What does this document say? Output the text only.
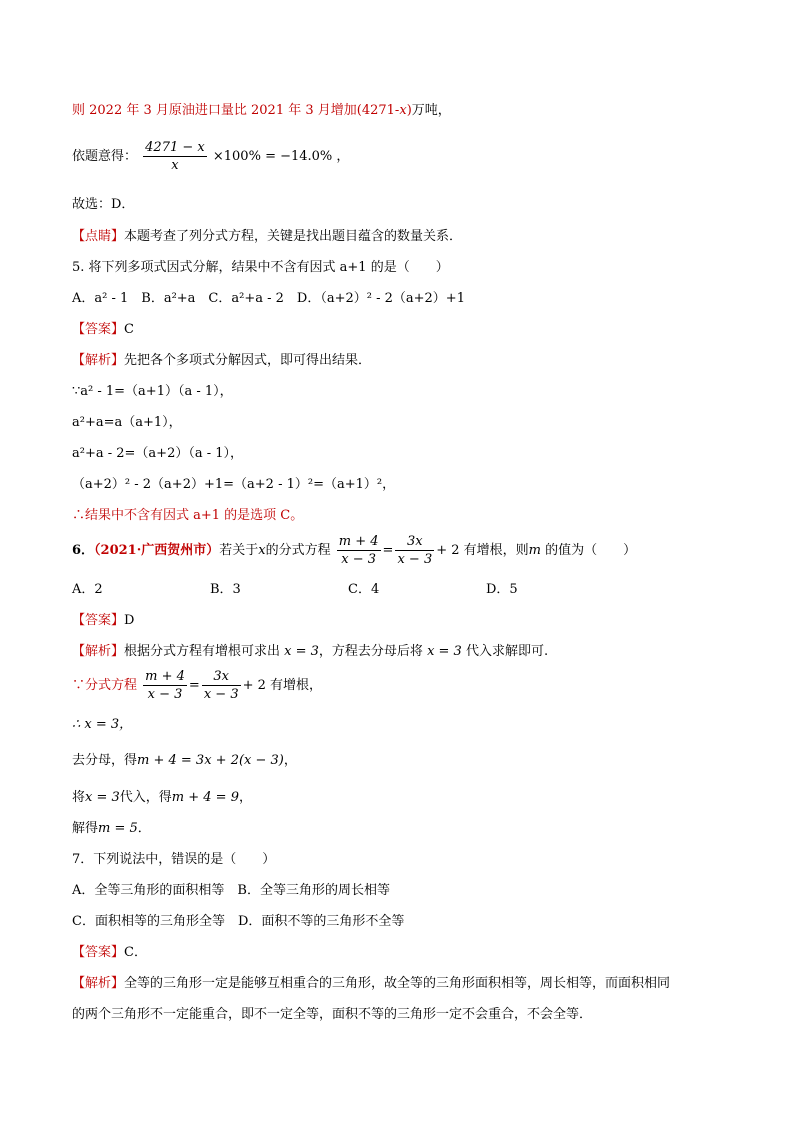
则 2022 年 3 月原油进口量比 2021 年 3 月增加(4271-x)万吨，
依题意得： $\frac{4271 - x}{x} \times 100\% = -14.0\%$ ，
故选：D．
【点睛】本题考查了列分式方程，关键是找出题目蕴含的数量关系．
5. 将下列多项式因式分解，结果中不含有因式 a+1 的是（　　）
A．a² - 1　B．a²+a　C．a²+a - 2　D．（a+2）² - 2（a+2）+1
【答案】C
【解析】先把各个多项式分解因式，即可得出结果．
∵a² - 1=（a+1）（a - 1），
a²+a=a（a+1），
a²+a - 2=（a+2）（a - 1），
（a+2）² - 2（a+2）+1=（a+2 - 1）²=（a+1）²，
∴结果中不含有因式 a+1 的是选项 C。
6．（2021·广西贺州市）若关于x的分式方程 $\frac{m + 4}{x - 3} = \frac{3x}{x - 3} + 2$ 有增根，则m 的值为（　　）
A．2	B．3	C．4	D．5
【答案】D
【解析】根据分式方程有增根可求出 x = 3，方程去分母后将 x = 3 代入求解即可.
∵分式方程 $\frac{m + 4}{x - 3} = \frac{3x}{x - 3} + 2$ 有增根，
∴ x = 3，
去分母，得m + 4 = 3x + 2(x − 3)，
将x = 3代入，得m + 4 = 9，
解得m = 5．
7．下列说法中，错误的是（　　）
A．全等三角形的面积相等　B．全等三角形的周长相等
C．面积相等的三角形全等　D．面积不等的三角形不全等
【答案】C．
【解析】全等的三角形一定是能够互相重合的三角形，故全等的三角形面积相等，周长相等，而面积相同
的两个三角形不一定能重合，即不一定全等，面积不等的三角形一定不会重合，不会全等．
